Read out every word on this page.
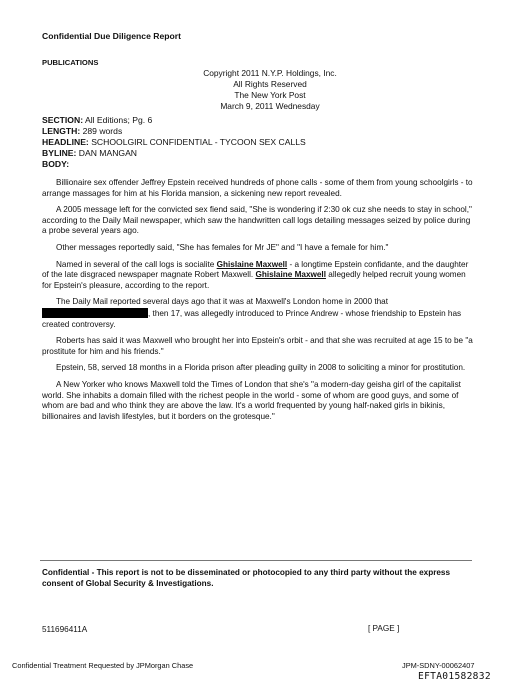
Confidential Due Diligence Report
PUBLICATIONS
Copyright 2011 N.Y.P. Holdings, Inc.
All Rights Reserved
The New York Post
March 9, 2011 Wednesday
SECTION: All Editions; Pg. 6
LENGTH: 289 words
HEADLINE: SCHOOLGIRL CONFIDENTIAL - TYCOON SEX CALLS
BYLINE: DAN MANGAN
BODY:

Billionaire sex offender Jeffrey Epstein received hundreds of phone calls - some of them from young schoolgirls - to arrange massages for him at his Florida mansion, a sickening new report revealed.

A 2005 message left for the convicted sex fiend said, "She is wondering if 2:30 ok cuz she needs to stay in school," according to the Daily Mail newspaper, which saw the handwritten call logs detailing messages seized by police during a probe several years ago.

Other messages reportedly said, "She has females for Mr JE" and "I have a female for him."

Named in several of the call logs is socialite Ghislaine Maxwell - a longtime Epstein confidante, and the daughter of the late disgraced newspaper magnate Robert Maxwell. Ghislaine Maxwell allegedly helped recruit young women for Epstein's pleasure, according to the report.

The Daily Mail reported several days ago that it was at Maxwell's London home in 2000 that , then 17, was allegedly introduced to Prince Andrew - whose friendship to Epstein has created controversy.

Roberts has said it was Maxwell who brought her into Epstein's orbit - and that she was recruited at age 15 to be "a prostitute for him and his friends."

Epstein, 58, served 18 months in a Florida prison after pleading guilty in 2008 to soliciting a minor for prostitution.

A New Yorker who knows Maxwell told the Times of London that she's "a modern-day geisha girl of the capitalist world. She inhabits a domain filled with the richest people in the world - some of whom are good guys, and some of whom are bad and who think they are above the law. It's a world frequented by young half-naked girls in bikinis, billionaires and lavish lifestyles, but it borders on the grotesque."

Confidential - This report is not to be disseminated or photocopied to any third party without the express consent of Global Security & Investigations.
511696411A	[ PAGE ]
Confidential Treatment Requested by JPMorgan Chase	JPM-SDNY-00062407
EFTA01582832
